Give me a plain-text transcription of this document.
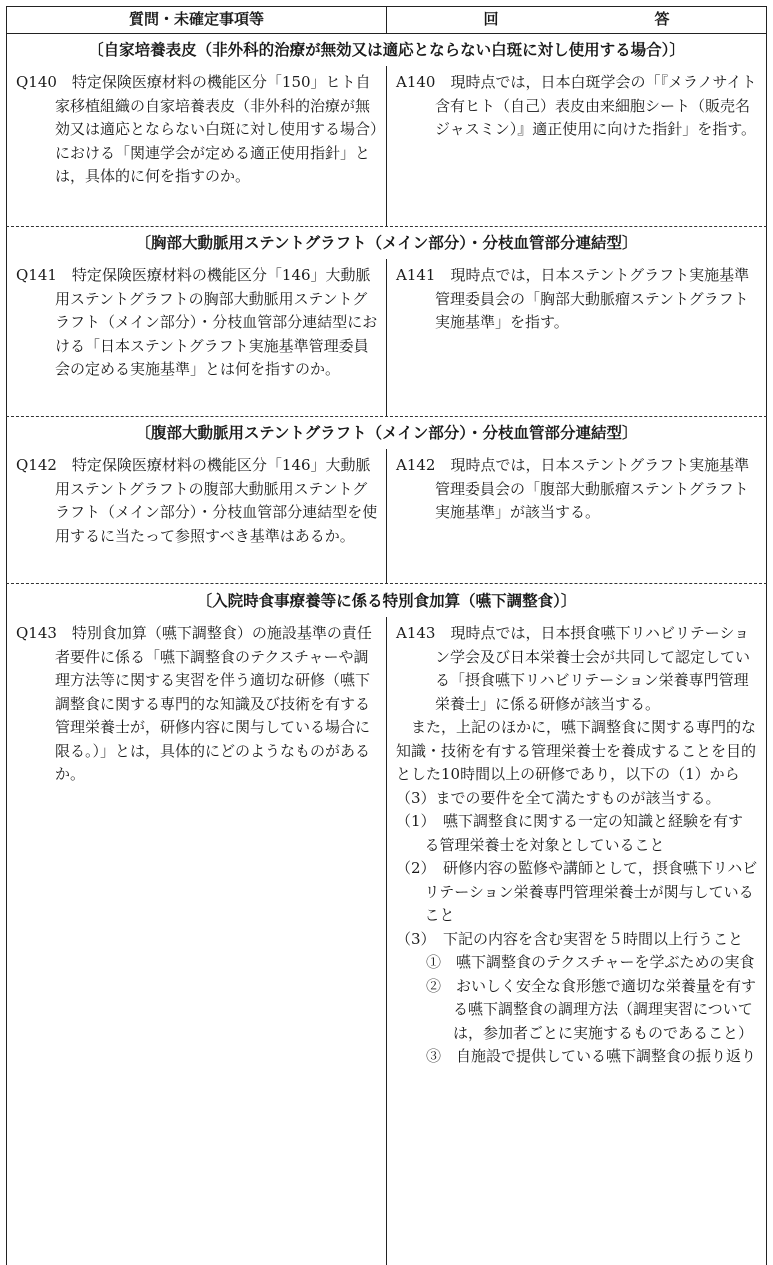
質問・未確定事項等	回　　答
〔自家培養表皮（非外科的治療が無効又は適応とならない白斑に対し使用する場合）〕

Q140　特定保険医療材料の機能区分「150」ヒト自家移植組織の自家培養表皮（非外科的治療が無効又は適応とならない白斑に対し使用する場合）における「関連学会が定める適正使用指針」とは，具体的に何を指すのか。

A140　現時点では，日本白斑学会の「『メラノサイト含有ヒト（自己）表皮由来細胞シート（販売名ジャスミン）』適正使用に向けた指針」を指す。

〔胸部大動脈用ステントグラフト（メイン部分）・分枝血管部分連結型〕

Q141　特定保険医療材料の機能区分「146」大動脈用ステントグラフトの胸部大動脈用ステントグラフト（メイン部分）・分枝血管部分連結型における「日本ステントグラフト実施基準管理委員会の定める実施基準」とは何を指すのか。

A141　現時点では，日本ステントグラフト実施基準管理委員会の「胸部大動脈瘤ステントグラフト　実施基準」を指す。

〔腹部大動脈用ステントグラフト（メイン部分）・分枝血管部分連結型〕

Q142　特定保険医療材料の機能区分「146」大動脈用ステントグラフトの腹部大動脈用ステントグラフト（メイン部分）・分枝血管部分連結型を使用するに当たって参照すべき基準はあるか。

A142　現時点では，日本ステントグラフト実施基準管理委員会の「腹部大動脈瘤ステントグラフト　実施基準」が該当する。

〔入院時食事療養等に係る特別食加算（嚥下調整食）〕

Q143　特別食加算（嚥下調整食）の施設基準の責任者要件に係る「嚥下調整食のテクスチャーや調理方法等に関する実習を伴う適切な研修（嚥下調整食に関する専門的な知識及び技術を有する管理栄養士が，研修内容に関与している場合に限る。）」とは，具体的にどのようなものがあるか。

A143　現時点では，日本摂食嚥下リハビリテーション学会及び日本栄養士会が共同して認定している「摂食嚥下リハビリテーション栄養専門管理栄養士」に係る研修が該当する。

また，上記のほかに，嚥下調整食に関する専門的な知識・技術を有する管理栄養士を養成することを目的とした10時間以上の研修であり，以下の（1）から（3）までの要件を全て満たすものが該当する。

（1）　嚥下調整食に関する一定の知識と経験を有する管理栄養士を対象としていること

（2）　研修内容の監修や講師として，摂食嚥下リハビリテーション栄養専門管理栄養士が関与していること

（3）　下記の内容を含む実習を５時間以上行うこと

①　嚥下調整食のテクスチャーを学ぶための実食

②　おいしく安全な食形態で適切な栄養量を有する嚥下調整食の調理方法（調理実習については，参加者ごとに実施するものであること）

③　自施設で提供している嚥下調整食の振り返り
